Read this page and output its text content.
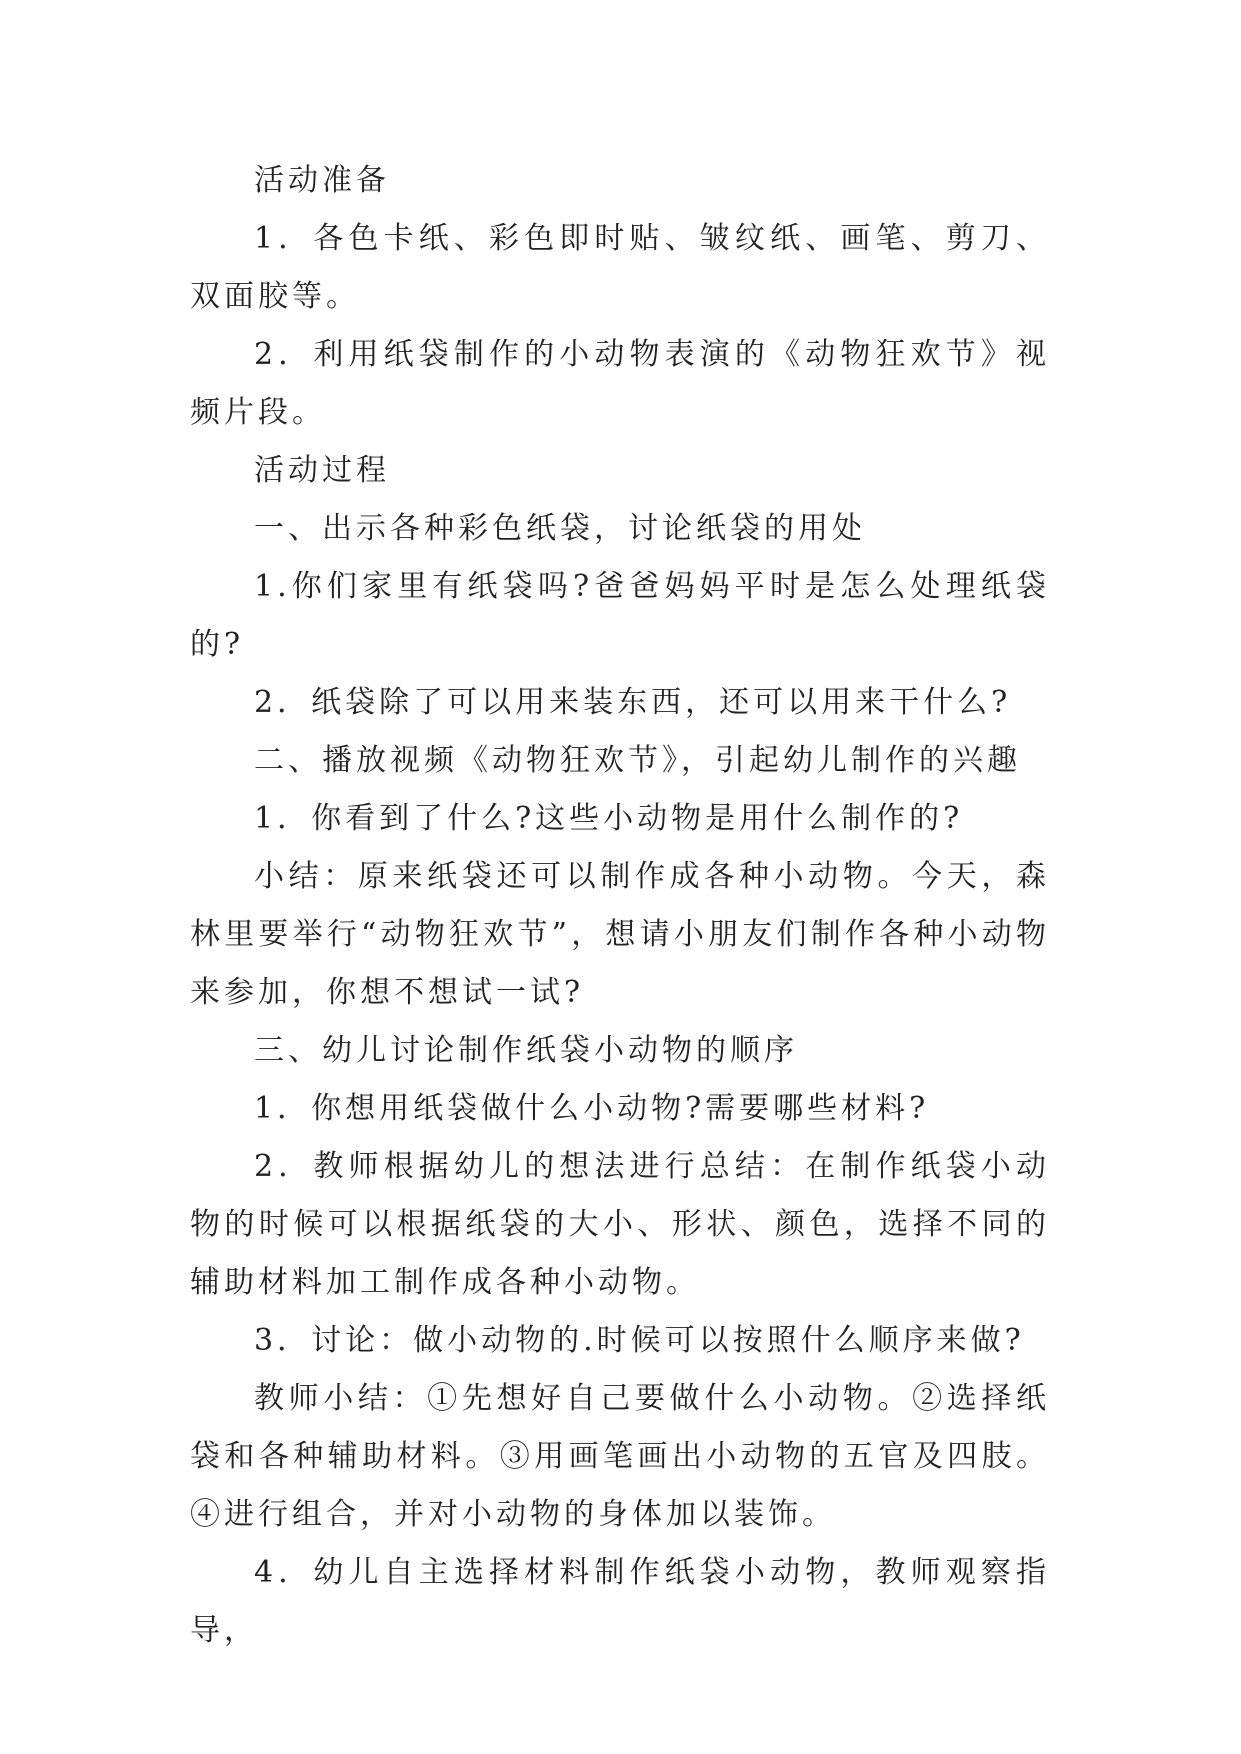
活动准备

1．各色卡纸、彩色即时贴、皱纹纸、画笔、剪刀、双面胶等。

2．利用纸袋制作的小动物表演的《动物狂欢节》视频片段。

活动过程

一、出示各种彩色纸袋，讨论纸袋的用处

1.你们家里有纸袋吗?爸爸妈妈平时是怎么处理纸袋的?

2．纸袋除了可以用来装东西，还可以用来干什么?

二、播放视频《动物狂欢节》，引起幼儿制作的兴趣

1．你看到了什么?这些小动物是用什么制作的?

小结：原来纸袋还可以制作成各种小动物。今天，森林里要举行“动物狂欢节”，想请小朋友们制作各种小动物来参加，你想不想试一试?

三、幼儿讨论制作纸袋小动物的顺序

1．你想用纸袋做什么小动物?需要哪些材料?

2．教师根据幼儿的想法进行总结：在制作纸袋小动物的时候可以根据纸袋的大小、形状、颜色，选择不同的辅助材料加工制作成各种小动物。

3．讨论：做小动物的.时候可以按照什么顺序来做?

教师小结：①先想好自己要做什么小动物。②选择纸袋和各种辅助材料。③用画笔画出小动物的五官及四肢。④进行组合，并对小动物的身体加以装饰。

4．幼儿自主选择材料制作纸袋小动物，教师观察指导，
